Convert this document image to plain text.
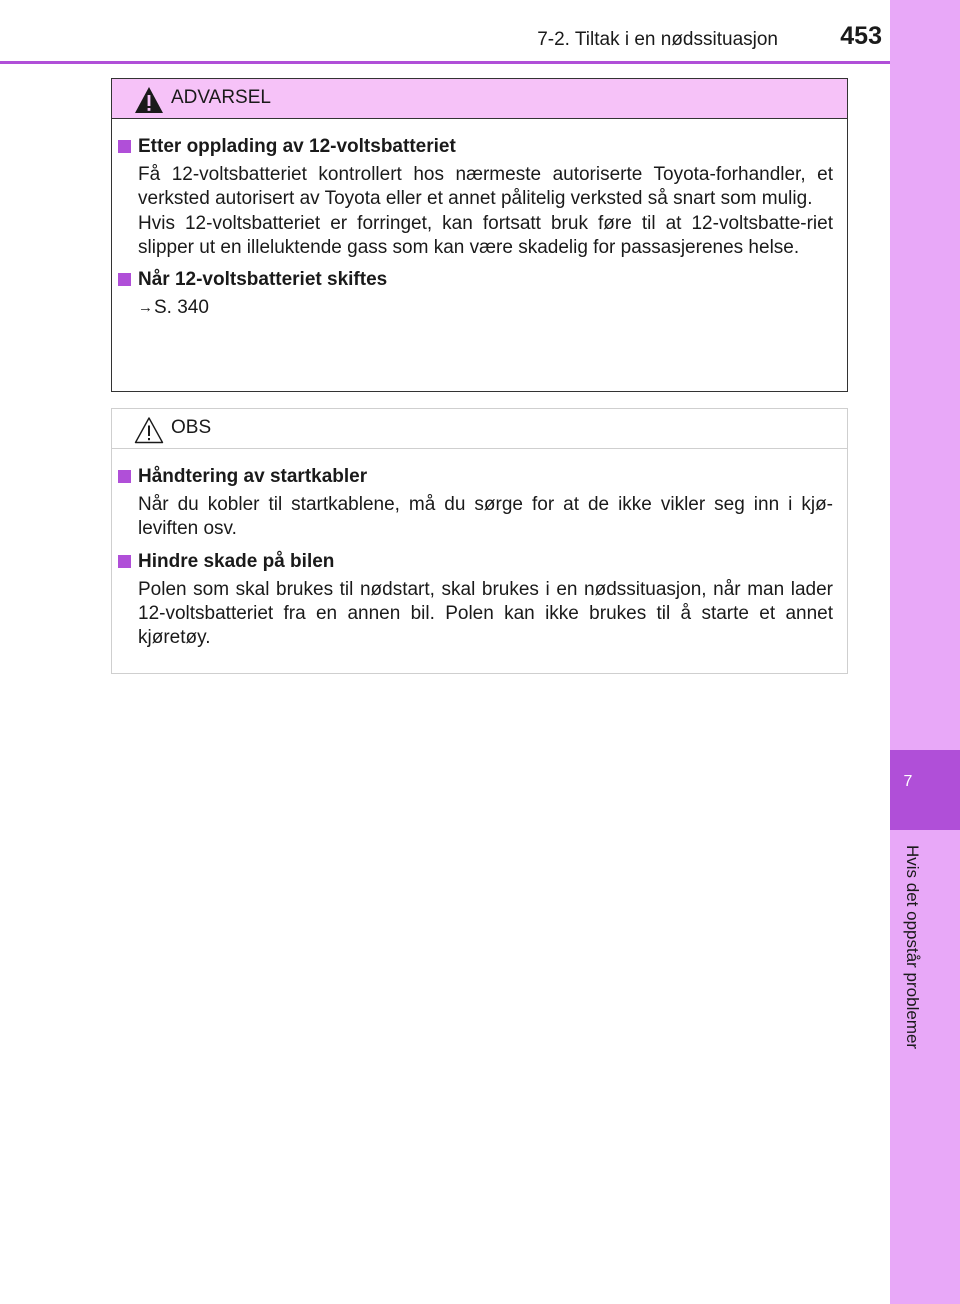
7-2. Tiltak i en nødssituasjon	453
7
Hvis det oppstår problemer
ADVARSEL
Etter opplading av 12-voltsbatteriet

Få 12-voltsbatteriet kontrollert hos nærmeste autoriserte Toyota-forhandler, et verksted autorisert av Toyota eller et annet pålitelig verksted så snart som mulig.

Hvis 12-voltsbatteriet er forringet, kan fortsatt bruk føre til at 12-voltsbatte-riet slipper ut en illeluktende gass som kan være skadelig for passasjerenes helse.

Når 12-voltsbatteriet skiftes
→S. 340
OBS
Håndtering av startkabler

Når du kobler til startkablene, må du sørge for at de ikke vikler seg inn i kjø-leviften osv.

Hindre skade på bilen

Polen som skal brukes til nødstart, skal brukes i en nødssituasjon, når man lader 12-voltsbatteriet fra en annen bil. Polen kan ikke brukes til å starte et annet kjøretøy.
